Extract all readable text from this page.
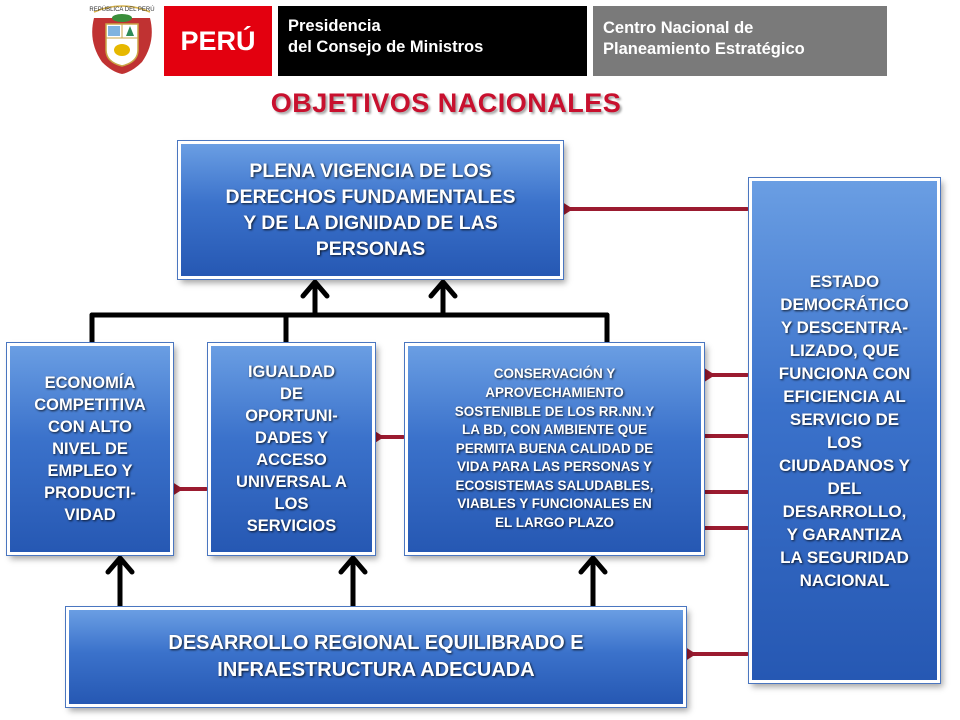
REPÚBLICA DEL PERÚ
PERÚ Presidencia
del Consejo de Ministros
Centro Nacional de
Planeamiento Estratégico
OBJETIVOS NACIONALES
PLENA VIGENCIA DE LOS
DERECHOS FUNDAMENTALES
Y DE LA DIGNIDAD DE LAS
PERSONAS
ECONOMÍA
COMPETITIVA
CON ALTO
NIVEL DE
EMPLEO Y
PRODUCTI-
VIDAD
IGUALDAD
DE
OPORTUNI-
DADES Y
ACCESO
UNIVERSAL A
LOS
SERVICIOS
CONSERVACIÓN Y
APROVECHAMIENTO
SOSTENIBLE DE LOS RR.NN.Y
LA BD, CON AMBIENTE QUE
PERMITA BUENA CALIDAD DE
VIDA PARA LAS PERSONAS Y
ECOSISTEMAS SALUDABLES,
VIABLES Y FUNCIONALES EN
EL LARGO PLAZO
ESTADO
DEMOCRÁTICO
Y DESCENTRA-
LIZADO, QUE
FUNCIONA CON
EFICIENCIA AL
SERVICIO DE
LOS
CIUDADANOS Y
DEL
DESARROLLO,
Y GARANTIZA
LA SEGURIDAD
NACIONAL
DESARROLLO REGIONAL EQUILIBRADO E
INFRAESTRUCTURA ADECUADA
